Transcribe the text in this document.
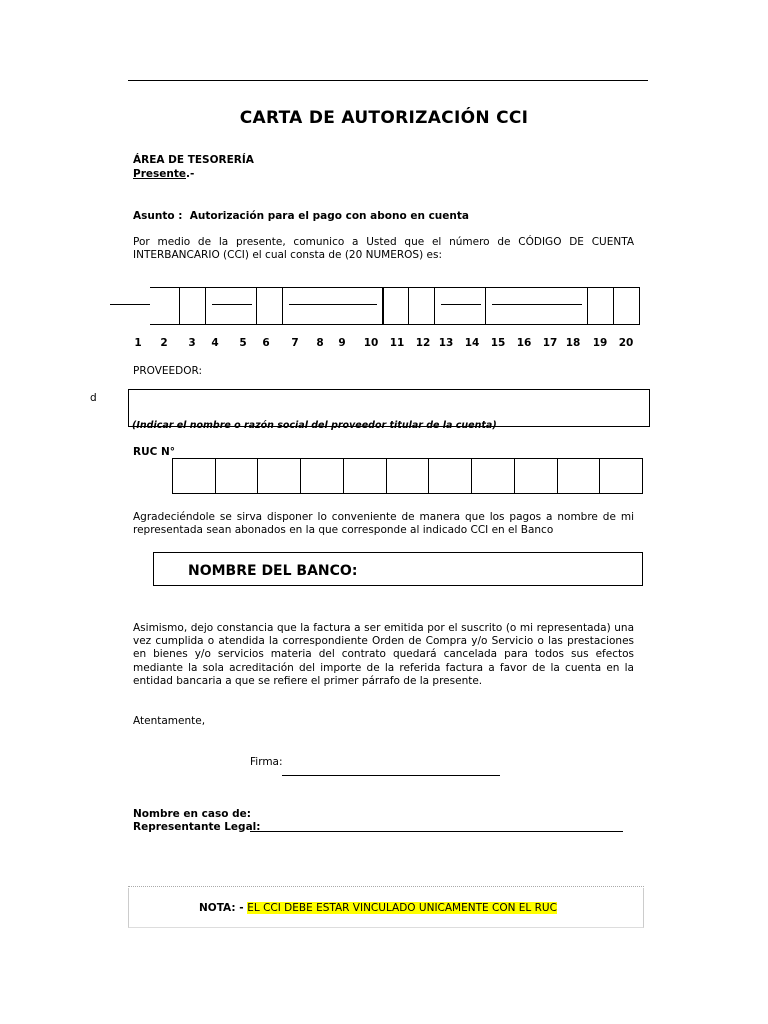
CARTA DE AUTORIZACIÓN CCI
ÁREA DE TESORERÍA
Presente.-
Asunto : Autorización para el pago con abono en cuenta
Por medio de la presente, comunico a Usted que el número de CÓDIGO DE CUENTA INTERBANCARIO (CCI) el cual consta de (20 NUMEROS) es:
1	2	3	4	5	6	7	8	9	10 11 12 13 14 15 16 17 18 19 20
PROVEEDOR:
d
(Indicar el nombre o razón social del proveedor titular de la cuenta)
RUC N°
Agradeciéndole se sirva disponer lo conveniente de manera que los pagos a nombre de mi representada sean abonados en la que corresponde al indicado CCI en el Banco
NOMBRE DEL BANCO:
Asimismo, dejo constancia que la factura a ser emitida por el suscrito (o mi representada) una vez cumplida o atendida la correspondiente Orden de Compra y/o Servicio o las prestaciones en bienes y/o servicios materia del contrato quedará cancelada para todos sus efectos mediante la sola acreditación del importe de la referida factura a favor de la cuenta en la entidad bancaria a que se refiere el primer párrafo de la presente.
Atentamente,
Firma:
Nombre en caso de:
Representante Legal:
NOTA: - EL CCI DEBE ESTAR VINCULADO UNICAMENTE CON EL RUC
